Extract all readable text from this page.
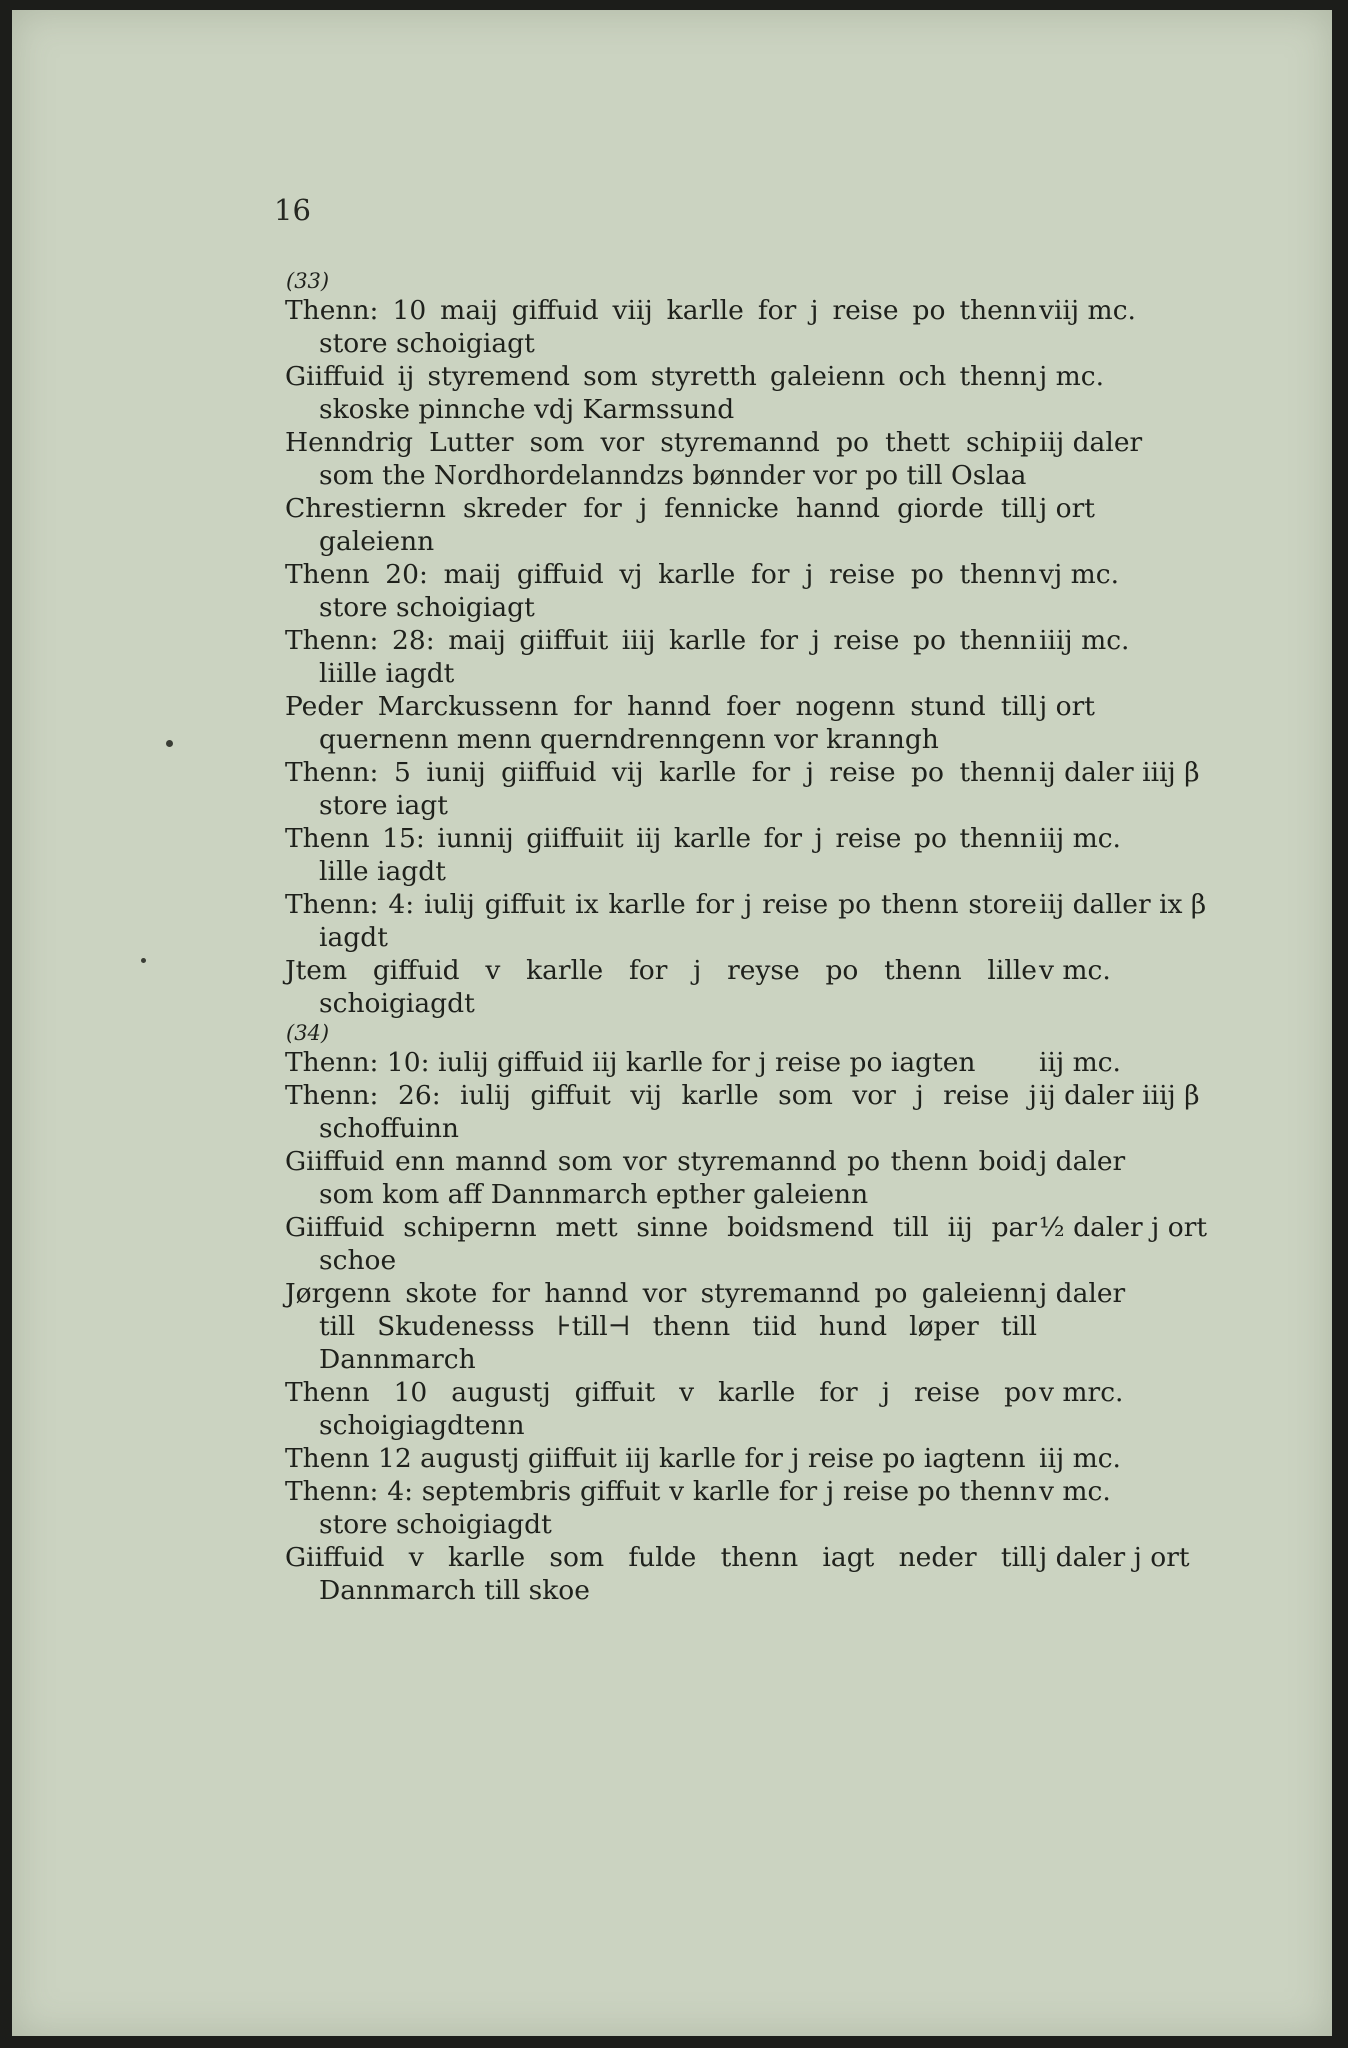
16
(33)
Thenn: 10 maij giffuid viij karlle for j reise po thenn store schoigiagt
viij mc.
Giiffuid ij styremend som styretth galeienn och thenn skoske pinnche vdj Karmssund
j mc.
Henndrig Lutter som vor styremannd po thett schip som the Nordhordelanndzs bønnder vor po till Oslaa
iij daler
Chrestiernn skreder for j fennicke hannd giorde till galeienn
j ort
Thenn 20: maij giffuid vj karlle for j reise po thenn store schoigiagt
vj mc.
Thenn: 28: maij giiffuit iiij karlle for j reise po thenn liille iagdt
iiij mc.
Peder Marckussenn for hannd foer nogenn stund till quernenn menn querndrenngenn vor kranngh
j ort
Thenn: 5 iunij giiffuid vij karlle for j reise po thenn store iagt
ij daler iiij β
Thenn 15: iunnij giiffuiit iij karlle for j reise po thenn lille iagdt
iij mc.
Thenn: 4: iulij giffuit ix karlle for j reise po thenn store iagdt
iij daller ix β
Jtem giffuid v karlle for j reyse po thenn lille schoigiagdt
v mc.
(34)
Thenn: 10: iulij giffuid iij karlle for j reise po iagten	iij mc.
Thenn: 26: iulij giffuit vij karlle som vor j reise j schoffuinn
ij daler iiij β
Giiffuid enn mannd som vor styremannd po thenn boid som kom aff Dannmarch epther galeienn
j daler
Giiffuid schipernn mett sinne boidsmend till iij par schoe
½ daler j ort
Jørgenn skote for hannd vor styremannd po galeienn till Skudenesss ⊦till⊣ thenn tiid hund løper till Dannmarch
j daler
Thenn 10 augustj giffuit v karlle for j reise po schoigiagdtenn
v mrc.
Thenn 12 augustj giiffuit iij karlle for j reise po iagtenn iij mc.
Thenn: 4: septembris giffuit v karlle for j reise po thenn store schoigiagdt
v mc.
Giiffuid v karlle som fulde thenn iagt neder till Dannmarch till skoe
j daler j ort
